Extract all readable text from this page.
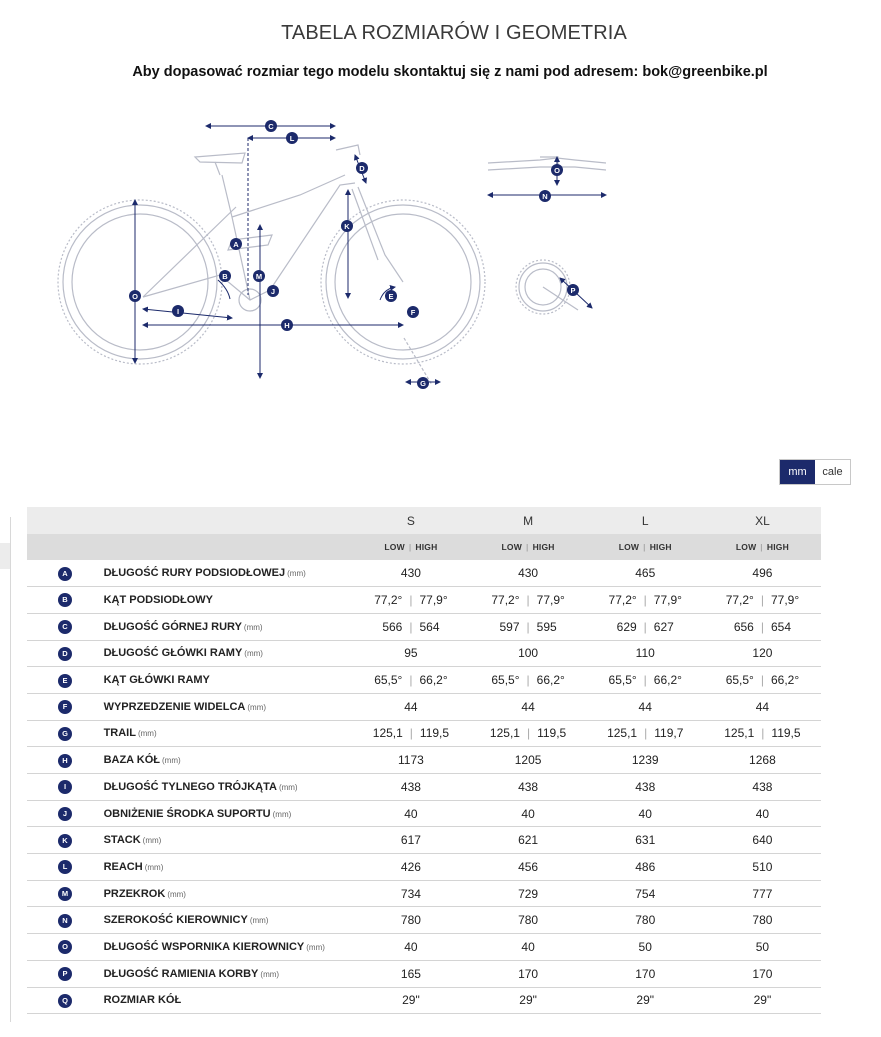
TABELA ROZMIARÓW I GEOMETRIA
Aby dopasować rozmiar tego modelu skontaktuj się z nami pod adresem: bok@greenbike.pl
C
L
D
K
A
B	M
J
E
F
O
I
H
G
N
O
P
mm	cale
		S	M	L	XL
		LOW | HIGH	LOW | HIGH	LOW | HIGH	LOW | HIGH
A	DŁUGOŚĆ RURY PODSIODŁOWEJ (mm)	430	430	465	496
B	KĄT PODSIODŁOWY	77,2° | 77,9°	77,2° | 77,9°	77,2° | 77,9°	77,2° | 77,9°
C	DŁUGOŚĆ GÓRNEJ RURY (mm)	566 | 564	597 | 595	629 | 627	656 | 654
D	DŁUGOŚĆ GŁÓWKI RAMY (mm)	95	100	110	120
E	KĄT GŁÓWKI RAMY	65,5° | 66,2°	65,5° | 66,2°	65,5° | 66,2°	65,5° | 66,2°
F	WYPRZEDZENIE WIDELCA (mm)	44	44	44	44
G	TRAIL (mm)	125,1 | 119,5	125,1 | 119,5	125,1 | 119,7	125,1 | 119,5
H	BAZA KÓŁ (mm)	1173	1205	1239	1268
I	DŁUGOŚĆ TYLNEGO TRÓJKĄTA (mm)	438	438	438	438
J	OBNIŻENIE ŚRODKA SUPORTU (mm)	40	40	40	40
K	STACK (mm)	617	621	631	640
L	REACH (mm)	426	456	486	510
M	PRZEKROK (mm)	734	729	754	777
N	SZEROKOŚĆ KIEROWNICY (mm)	780	780	780	780
O	DŁUGOŚĆ WSPORNIKA KIEROWNICY (mm)	40	40	50	50
P	DŁUGOŚĆ RAMIENIA KORBY (mm)	165	170	170	170
Q	ROZMIAR KÓŁ	29"	29"	29"	29"
